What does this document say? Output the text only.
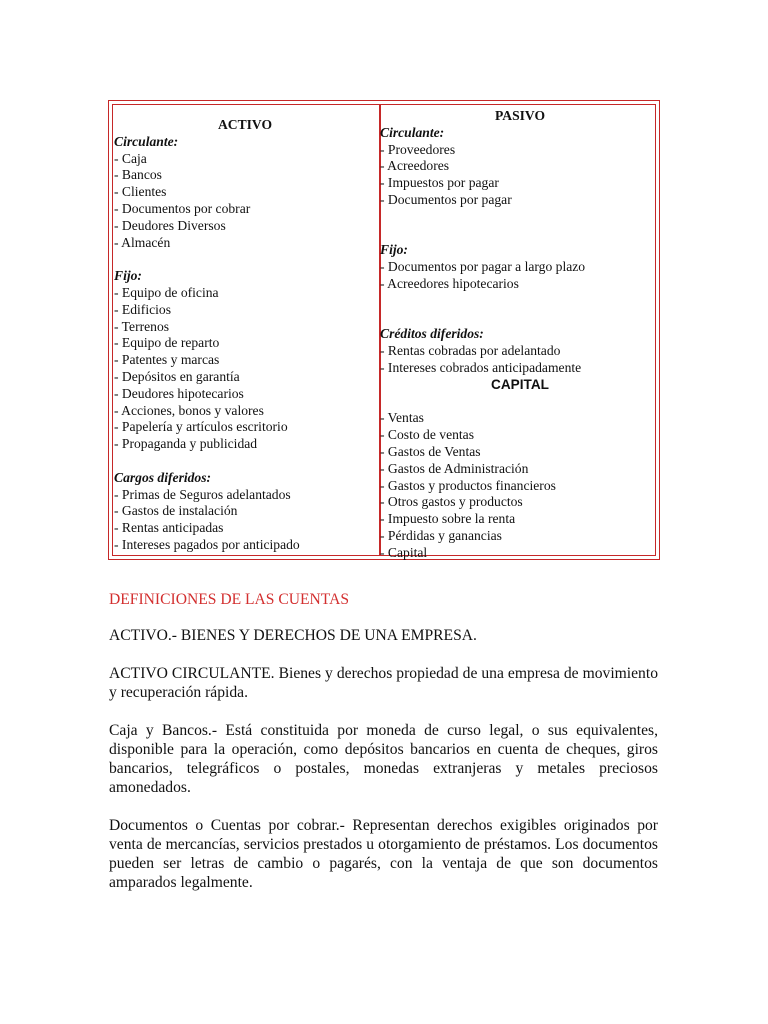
ACTIVO
Circulante:
- Caja
- Bancos
- Clientes
- Documentos por cobrar
- Deudores Diversos
- Almacén
Fijo:
- Equipo de oficina
- Edificios
- Terrenos
- Equipo de reparto
- Patentes y marcas
- Depósitos en garantía
- Deudores hipotecarios
- Acciones, bonos y valores
- Papelería y artículos escritorio
- Propaganda y publicidad
Cargos diferidos:
- Primas de Seguros adelantados
- Gastos de instalación
- Rentas anticipadas
- Intereses pagados por anticipado
PASIVO
Circulante:
- Proveedores
- Acreedores
- Impuestos por pagar
- Documentos por pagar
Fijo:
- Documentos por pagar a largo plazo
- Acreedores hipotecarios
Créditos diferidos:
- Rentas cobradas por adelantado
- Intereses cobrados anticipadamente
CAPITAL
- Ventas
- Costo de ventas
- Gastos de Ventas
- Gastos de Administración
- Gastos y productos financieros
- Otros gastos y productos
- Impuesto sobre la renta
- Pérdidas y ganancias
- Capital
DEFINICIONES DE LAS CUENTAS

ACTIVO.- BIENES Y DERECHOS DE UNA EMPRESA.

ACTIVO CIRCULANTE. Bienes y derechos propiedad de una empresa de movimiento y recuperación rápida.

Caja y Bancos.- Está constituida por moneda de curso legal, o sus equivalentes, disponible para la operación, como depósitos bancarios en cuenta de cheques, giros bancarios, telegráficos o postales, monedas extranjeras y metales preciosos amonedados.

Documentos o Cuentas por cobrar.- Representan derechos exigibles originados por venta de mercancías, servicios prestados u otorgamiento de préstamos. Los documentos pueden ser letras de cambio o pagarés, con la ventaja de que son documentos amparados legalmente.
